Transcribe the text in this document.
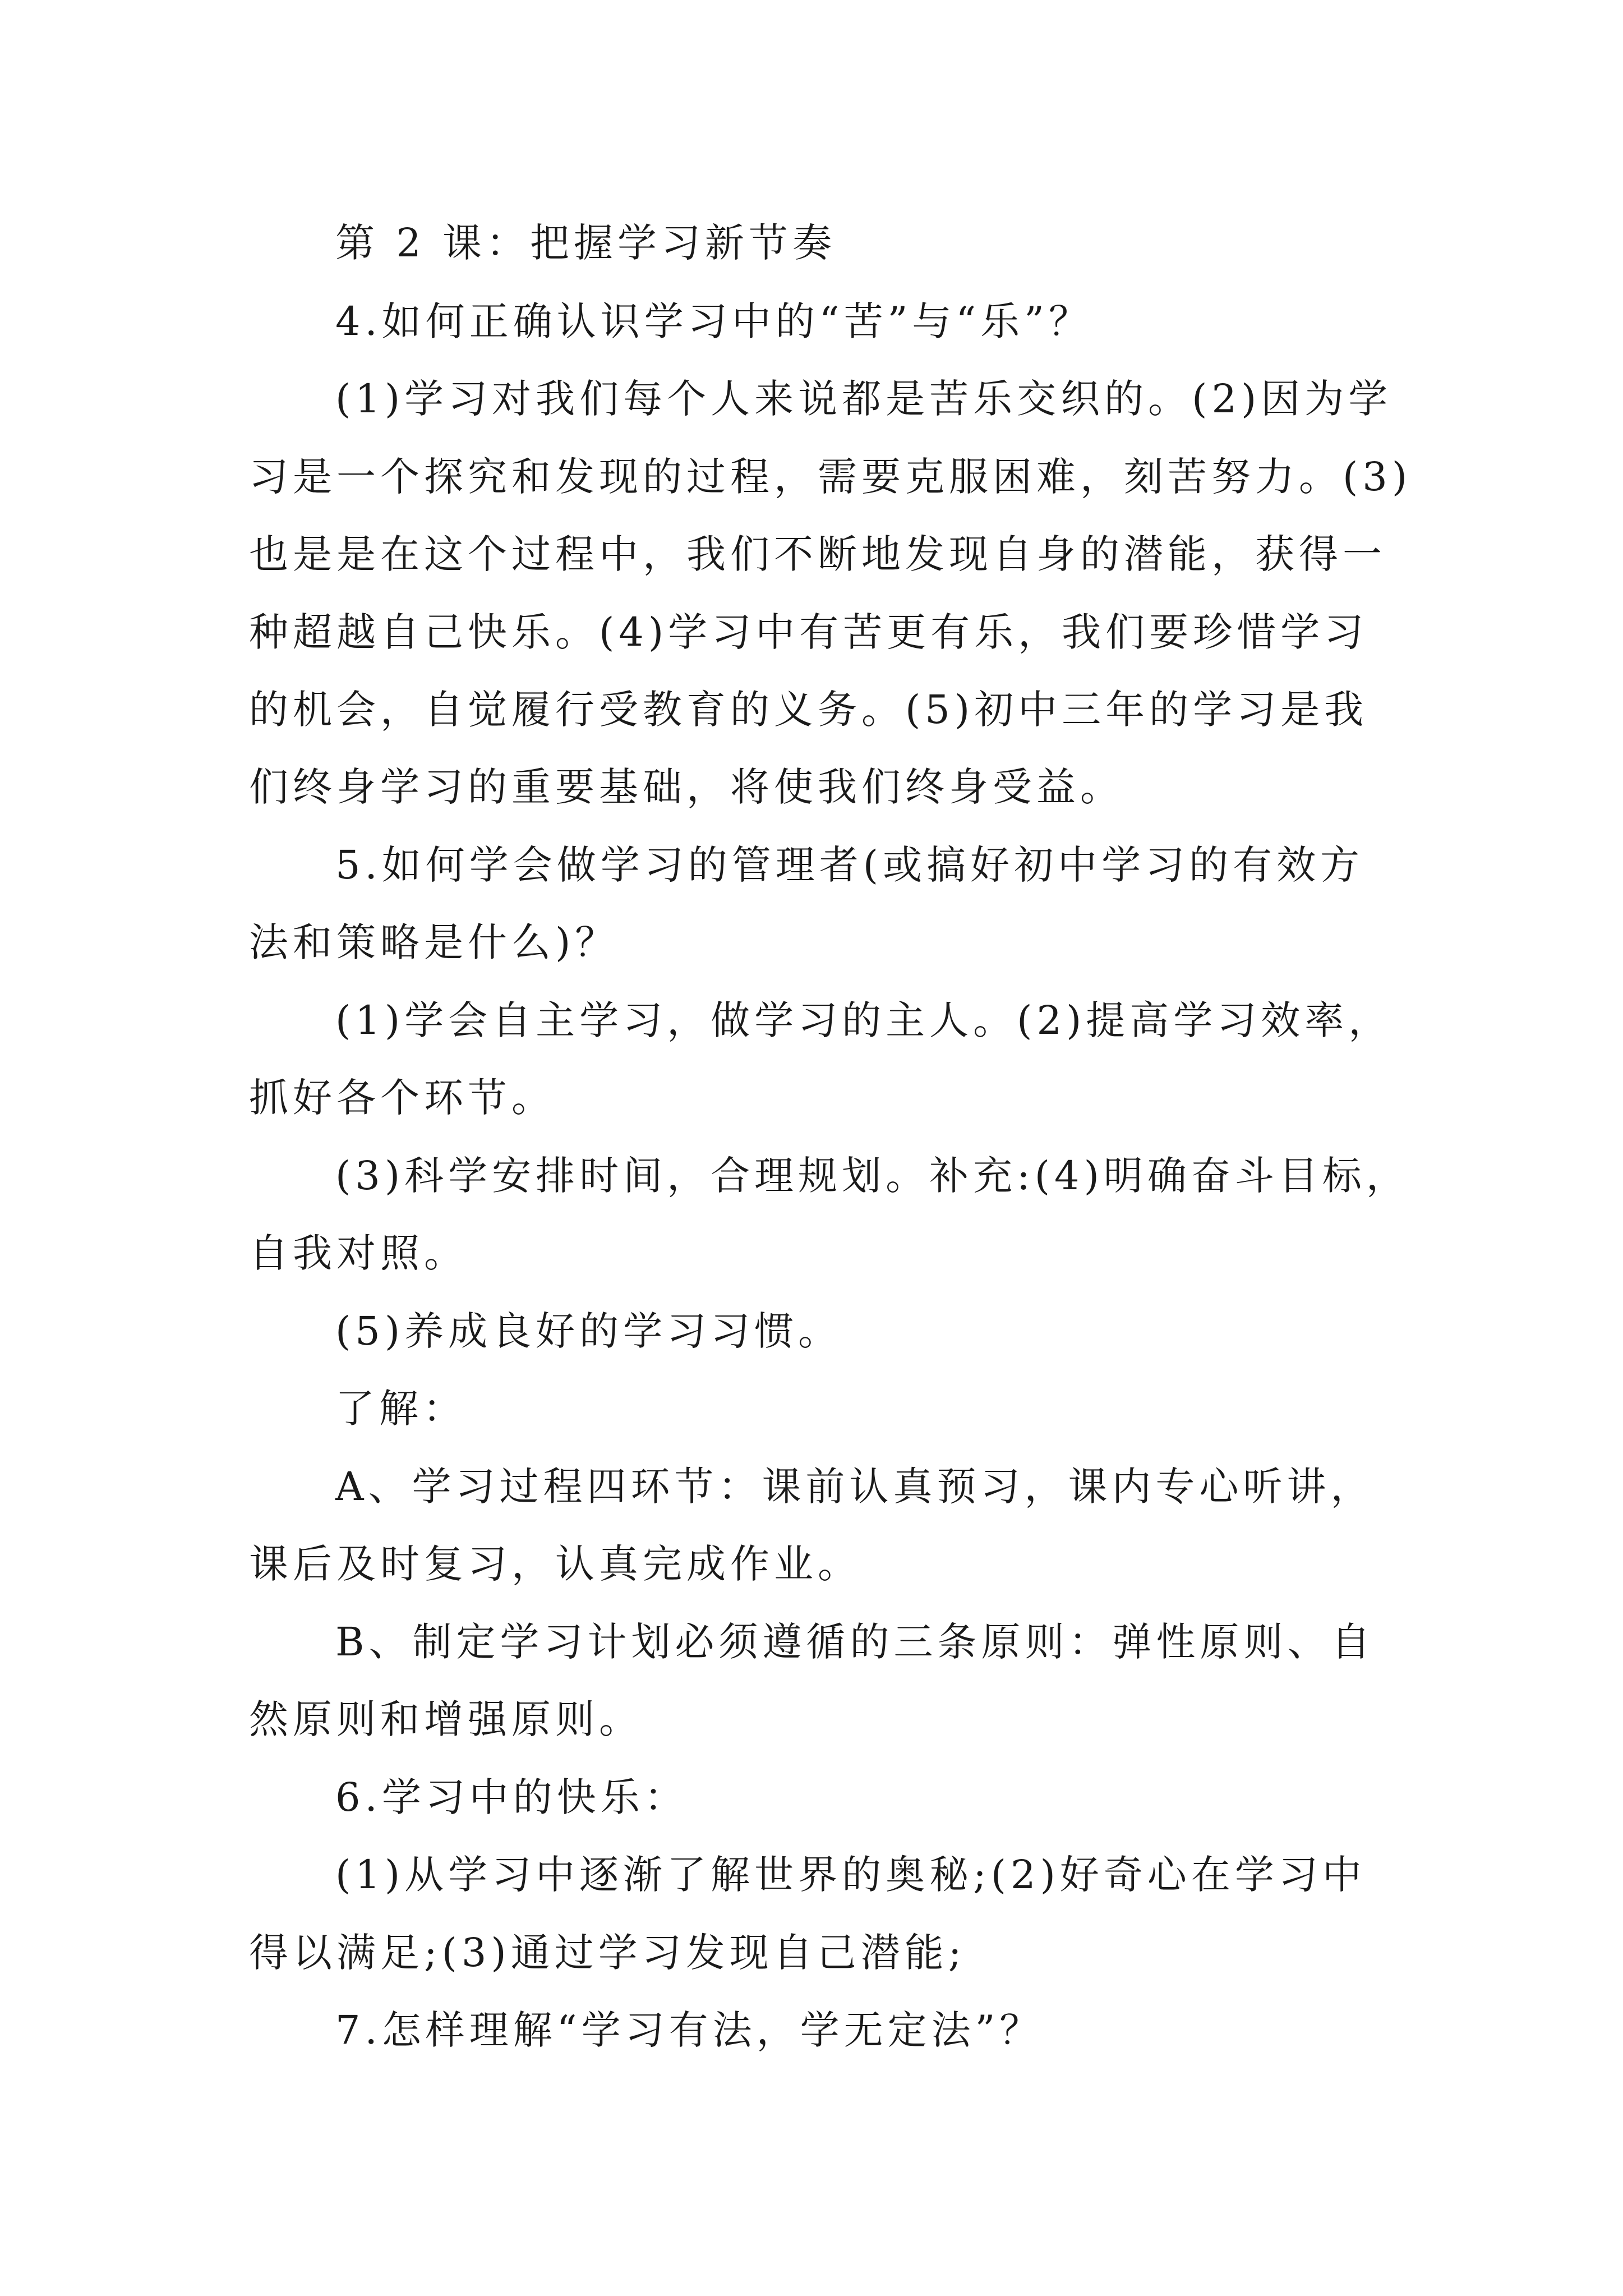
第 2 课：把握学习新节奏
4.如何正确认识学习中的“苦”与“乐”？
(1)学习对我们每个人来说都是苦乐交织的。(2)因为学
习是一个探究和发现的过程，需要克服困难，刻苦努力。(3)
也是是在这个过程中，我们不断地发现自身的潜能，获得一
种超越自己快乐。(4)学习中有苦更有乐，我们要珍惜学习
的机会，自觉履行受教育的义务。(5)初中三年的学习是我
们终身学习的重要基础，将使我们终身受益。
5.如何学会做学习的管理者(或搞好初中学习的有效方
法和策略是什么)？
(1)学会自主学习，做学习的主人。(2)提高学习效率，
抓好各个环节。
(3)科学安排时间，合理规划。补充:(4)明确奋斗目标，
自我对照。
(5)养成良好的学习习惯。
了解：
A、学习过程四环节：课前认真预习，课内专心听讲，
课后及时复习，认真完成作业。
B、制定学习计划必须遵循的三条原则：弹性原则、自
然原则和增强原则。
6.学习中的快乐：
(1)从学习中逐渐了解世界的奥秘;(2)好奇心在学习中
得以满足;(3)通过学习发现自己潜能;
7.怎样理解“学习有法，学无定法”？
